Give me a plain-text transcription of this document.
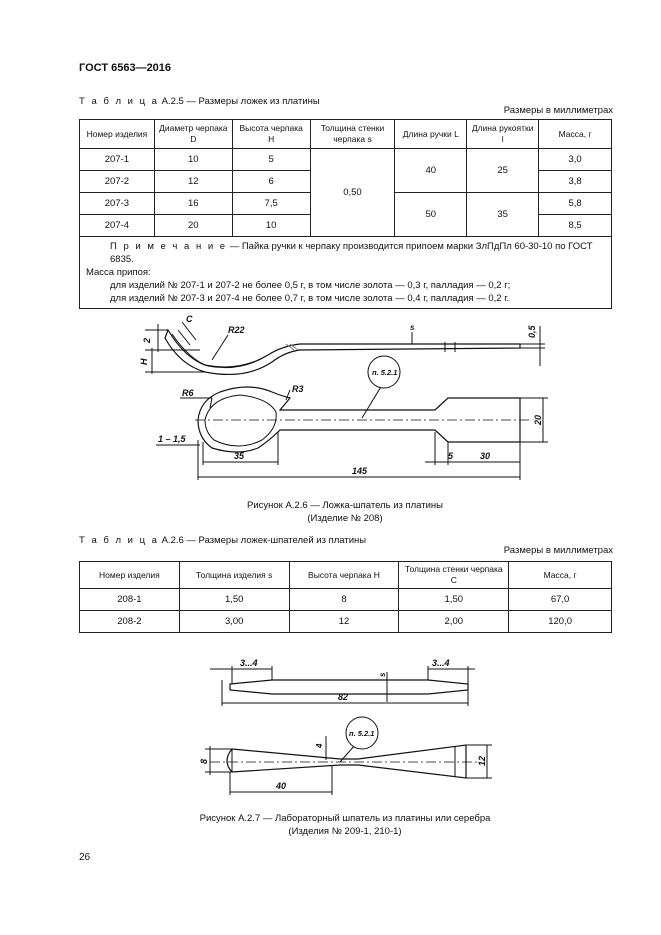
ГОСТ 6563—2016
Т а б л и ц а А.2.5 — Размеры ложек из платины
Размеры в миллиметрах
Номер изделия	Диаметр черпака D	Высота черпака H	Толщина стенки черпака s	Длина ручки L	Длина рукоятки l	Масса, г
207-1	10	5	0,50	40	25	3,0
207-2	12	6				3,8
207-3	16	7,5		50	35	5,8
207-4	20	10				8,5

П р и м е ч а н и е — Пайка ручки к черпаку производится припоем марки ЗлПдПл 60-30-10 по ГОСТ 6835.
Масса припоя:
для изделий № 207-1 и 207-2 не более 0,5 г, в том числе золота — 0,3 г, палладия — 0,2 г;
для изделий № 207-3 и 207-4 не более 0,7 г, в том числе золота — 0,4 г, палладия — 0,2 г.						
C
2
R22	s	0,5
H
п. 5.2.1
R6	R3
20
1 – 1,5
35	5	30
145
Рисунок А.2.6 — Ложка-шпатель из платины
(Изделие № 208)
Т а б л и ц а А.2.6 — Размеры ложек-шпателей из платины
Размеры в миллиметрах
Номер изделия	Толщина изделия s	Высота черпака H	Толщина стенки черпака C	Масса, г
208-1	1,50	8	1,50	67,0
208-2	3,00	12	2,00	120,0
3...4	3...4
s
82
п. 5.2.1
4
8	12
40
Рисунок А.2.7 — Лабораторный шпатель из платины или серебра
(Изделия № 209-1, 210-1)
26
